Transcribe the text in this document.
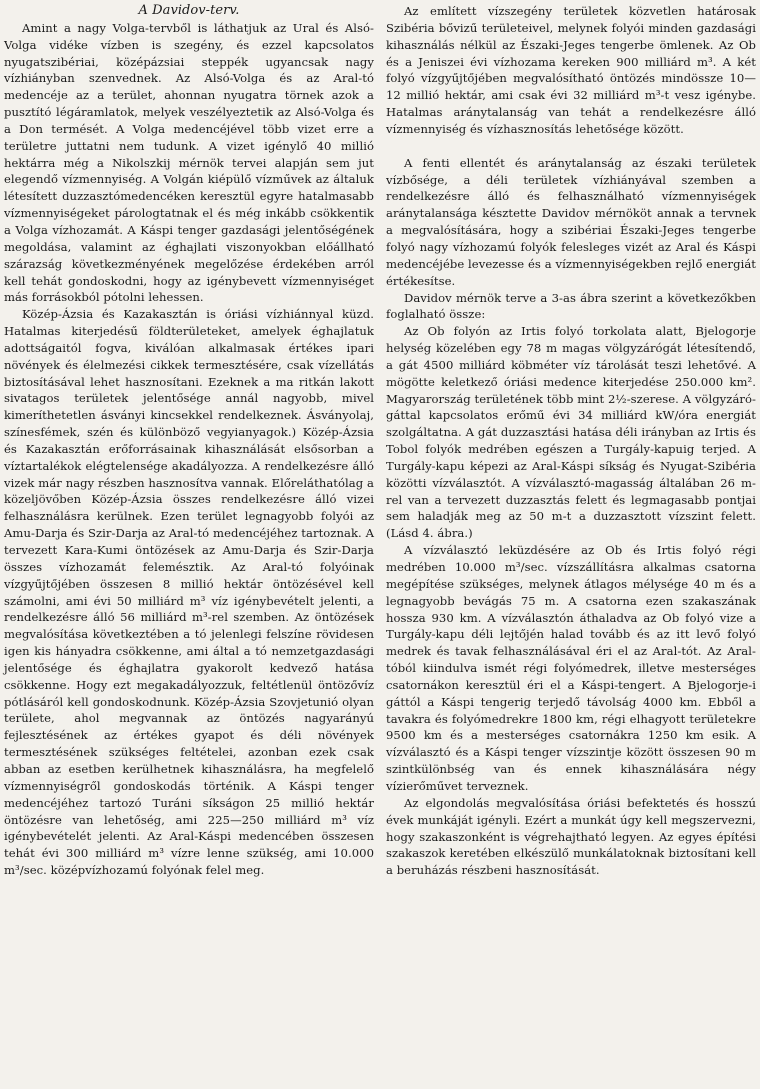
A Davidov-terv.

Amint a nagy Volga-tervből is láthatjuk az Ural és Alsó-Volga vidéke vízben is szegény, és ezzel kapcsolatos nyugatszibériai, középázsiai steppék ugyancsak nagy vízhiányban szenvednek. Az Alsó-Volga és az Aral-tó medencéje az a terület, ahonnan nyugatra törnek azok a pusztító légáramlatok, melyek veszélyeztetik az Alsó-Volga és a Don termését. A Volga medencéjével több vizet erre a területre juttatni nem tudunk. A vizet igénylő 40 millió hektárra még a Nikolszkij mérnök tervei alapján sem jut elegendő vízmennyiség. A Volgán kiépülő vízművek az általuk létesített duzzasztómedencéken keresztül egyre hatalmasabb vízmennyiségeket párologtatnak el és még inkább csökkentik a Volga vízhozamát. A Káspi tenger gazdasági jelentőségének megoldása, valamint az éghajlati viszonyokban előállható szárazság következményének megelőzése érdekében arról kell tehát gondoskodni, hogy az igénybevett vízmennyiséget más forrásokból pótolni lehessen.

Közép-Ázsia és Kazakasztán is óriási vízhiánnyal küzd. Hatalmas kiterjedésű földterületeket, amelyek éghajlatuk adottságaitól fogva, kiválóan alkalmasak értékes ipari növények és élelmezési cikkek termesztésére, csak vízellátás biztosításával lehet hasznosítani. Ezeknek a ma ritkán lakott sivatagos területek jelentősége annál nagyobb, mivel kimeríthetetlen ásványi kincsekkel rendelkeznek. Ásványolaj, színesfémek, szén és különböző vegyianyagok.) Közép-Ázsia és Kazakasztán erőforrásainak kihasználását elsősorban a víztartalékok elégtelensége akadályozza. A rendelkezésre álló vizek már nagy részben hasznosítva vannak. Előreláthatólag a közeljövőben Közép-Ázsia összes rendelkezésre álló vizei felhasználásra kerülnek. Ezen terület legnagyobb folyói az Amu-Darja és Szir-Darja az Aral-tó medencéjéhez tartoznak. A tervezett Kara-Kumi öntözések az Amu-Darja és Szir-Darja összes vízhozamát felemésztik. Az Aral-tó folyóinak vízgyűjtőjében összesen 8 millió hektár öntözésével kell számolni, ami évi 50 milliárd m³ víz igénybevételt jelenti, a rendelkezésre álló 56 milliárd m³-rel szemben. Az öntözések megvalósítása következtében a tó jelenlegi felszíne rövidesen igen kis hányadra csökkenne, ami által a tó nemzetgazdasági jelentősége és éghajlatra gyakorolt kedvező hatása csökkenne. Hogy ezt megakadályozzuk, feltétlenül öntözővíz pótlásáról kell gondoskodnunk. Közép-Ázsia Szovjetunió olyan területe, ahol megvannak az öntözés nagyarányú fejlesztésének az értékes gyapot és déli növények termesztésének szükséges feltételei, azonban ezek csak abban az esetben kerülhetnek kihasználásra, ha megfelelő vízmennyiségről gondoskodás történik. A Káspi tenger medencéjéhez tartozó Turáni síkságon 25 millió hektár öntözésre van lehetőség, ami 225—250 milliárd m³ víz igénybevételét jelenti. Az Aral-Káspi medencében összesen tehát évi 300 milliárd m³ vízre lenne szükség, ami 10.000 m³/sec. középvízhozamú folyónak felel meg.

Az említett vízszegény területek közvetlen határosak Szibéria bővizű területeivel, melynek folyói minden gazdasági kihasználás nélkül az Északi-Jeges tengerbe ömlenek. Az Ob és a Jeniszei évi vízhozama kereken 900 milliárd m³. A két folyó vízgyűjtőjében megvalósítható öntözés mindössze 10—12 millió hektár, ami csak évi 32 milliárd m³-t vesz igénybe. Hatalmas aránytalanság van tehát a rendelkezésre álló vízmennyiség és vízhasznosítás lehetősége között.

A fenti ellentét és aránytalanság az északi területek vízbősége, a déli területek vízhiányával szemben a rendelkezésre álló és felhasználható vízmennyiségek aránytalansága késztette Davidov mérnököt annak a tervnek a megvalósítására, hogy a szibériai Északi-Jeges tengerbe folyó nagy vízhozamú folyók felesleges vizét az Aral és Káspi medencéjébe levezesse és a vízmennyiségekben rejlő energiát értékesítse.

Davidov mérnök terve a 3-as ábra szerint a következőkben foglalható össze:

Az Ob folyón az Irtis folyó torkolata alatt, Bjelogorje helység közelében egy 78 m magas völgyzárógát létesítendő, a gát 4500 milliárd köbméter víz tárolását teszi lehetővé. A mögötte keletkező óriási medence kiterjedése 250.000 km². Magyarország területének több mint 2½-szerese. A völgyzáró-gáttal kapcsolatos erőmű évi 34 milliárd kW/óra energiát szolgáltatna. A gát duzzasztási hatása déli irányban az Irtis és Tobol folyók medrében egészen a Turgály-kapuig terjed. A Turgály-kapu képezi az Aral-Káspi síkság és Nyugat-Szibéria közötti vízválasztót. A vízválasztó-magasság általában 26 m-rel van a tervezett duzzasztás felett és legmagasabb pontjai sem haladják meg az 50 m-t a duzzasztott vízszint felett. (Lásd 4. ábra.)

A vízválasztó leküzdésére az Ob és Irtis folyó régi medrében 10.000 m³/sec. vízszállításra alkalmas csatorna megépítése szükséges, melynek átlagos mélysége 40 m és a legnagyobb bevágás 75 m. A csatorna ezen szakaszának hossza 930 km. A vízválasztón áthaladva az Ob folyó vize a Turgály-kapu déli lejtőjén halad tovább és az itt levő folyó medrek és tavak felhasználásával éri el az Aral-tót. Az Aral-tóból kiindulva ismét régi folyómedrek, illetve mesterséges csatornákon keresztül éri el a Káspi-tengert. A Bjelogorje-i gáttól a Káspi tengerig terjedő távolság 4000 km. Ebből a tavakra és folyómedrekre 1800 km, régi elhagyott területekre 9500 km és a mesterséges csatornákra 1250 km esik. A vízválasztó és a Káspi tenger vízszintje között összesen 90 m szintkülönbség van és ennek kihasználására négy vízierőművet terveznek.

Az elgondolás megvalósítása óriási befektetés és hosszú évek munkáját igényli. Ezért a munkát úgy kell megszervezni, hogy szakaszonként is végrehajtható legyen. Az egyes építési szakaszok keretében elkészülő munkálatoknak biztosítani kell a beruházás részbeni hasznosítását.
